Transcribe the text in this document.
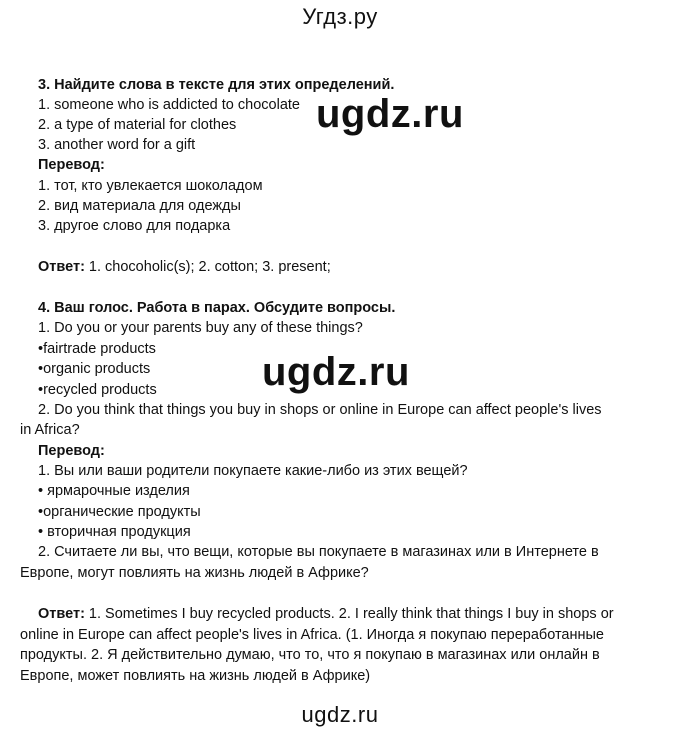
Угдз.ру
3. Найдите слова в тексте для этих определений.
1. someone who is addicted to chocolate
2. a type of material for clothes
3. another word for a gift
Перевод:
1. тот, кто увлекается шоколадом
2. вид материала для одежды
3. другое слово для подарка
Ответ: 1. chocoholic(s); 2. cotton; 3. present;
ugdz.ru
4. Ваш голос. Работа в парах. Обсудите вопросы.
1. Do you or your parents buy any of these things?
•fairtrade products
•organic products
•recycled products
2. Do you think that things you buy in shops or online in Europe can affect people's lives
in Africa?
Перевод:
1. Вы или ваши родители покупаете какие-либо из этих вещей?
• ярмарочные изделия
•органические продукты
• вторичная продукция
2. Считаете ли вы, что вещи, которые вы покупаете в магазинах или в Интернете в
Европе, могут повлиять на жизнь людей в Африке?
ugdz.ru
Ответ: 1. Sometimes I buy recycled products. 2. I really think that things I buy in shops or
online in Europe can affect people's lives in Africa. (1. Иногда я покупаю переработанные
продукты. 2. Я действительно думаю, что то, что я покупаю в магазинах или онлайн в
Европе, может повлиять на жизнь людей в Африке)
ugdz.ru
